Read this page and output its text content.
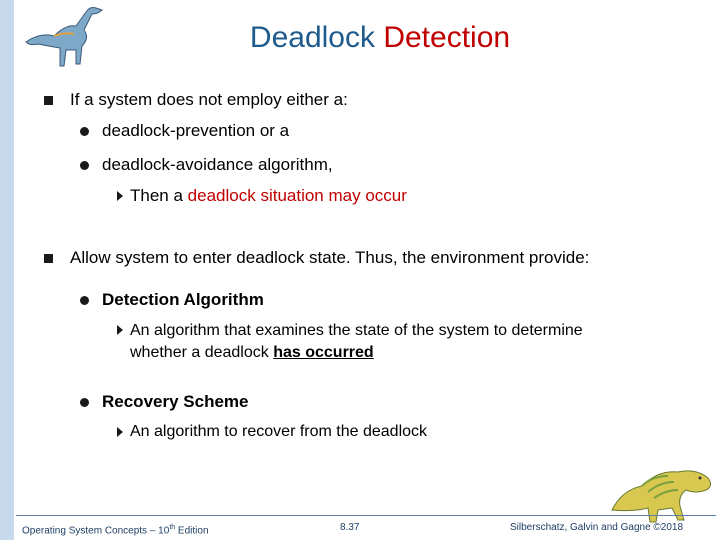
Deadlock Detection
If a system does not employ either a:
deadlock-prevention or a
deadlock-avoidance algorithm,
Then a deadlock situation may occur
Allow system to enter deadlock state. Thus, the environment provide:
Detection Algorithm
An algorithm that examines the state of the system to determine
whether a deadlock has occurred
Recovery Scheme
An algorithm to recover from the deadlock
Operating System Concepts – 10th Edition	8.37	Silberschatz, Galvin and Gagne ©2018
